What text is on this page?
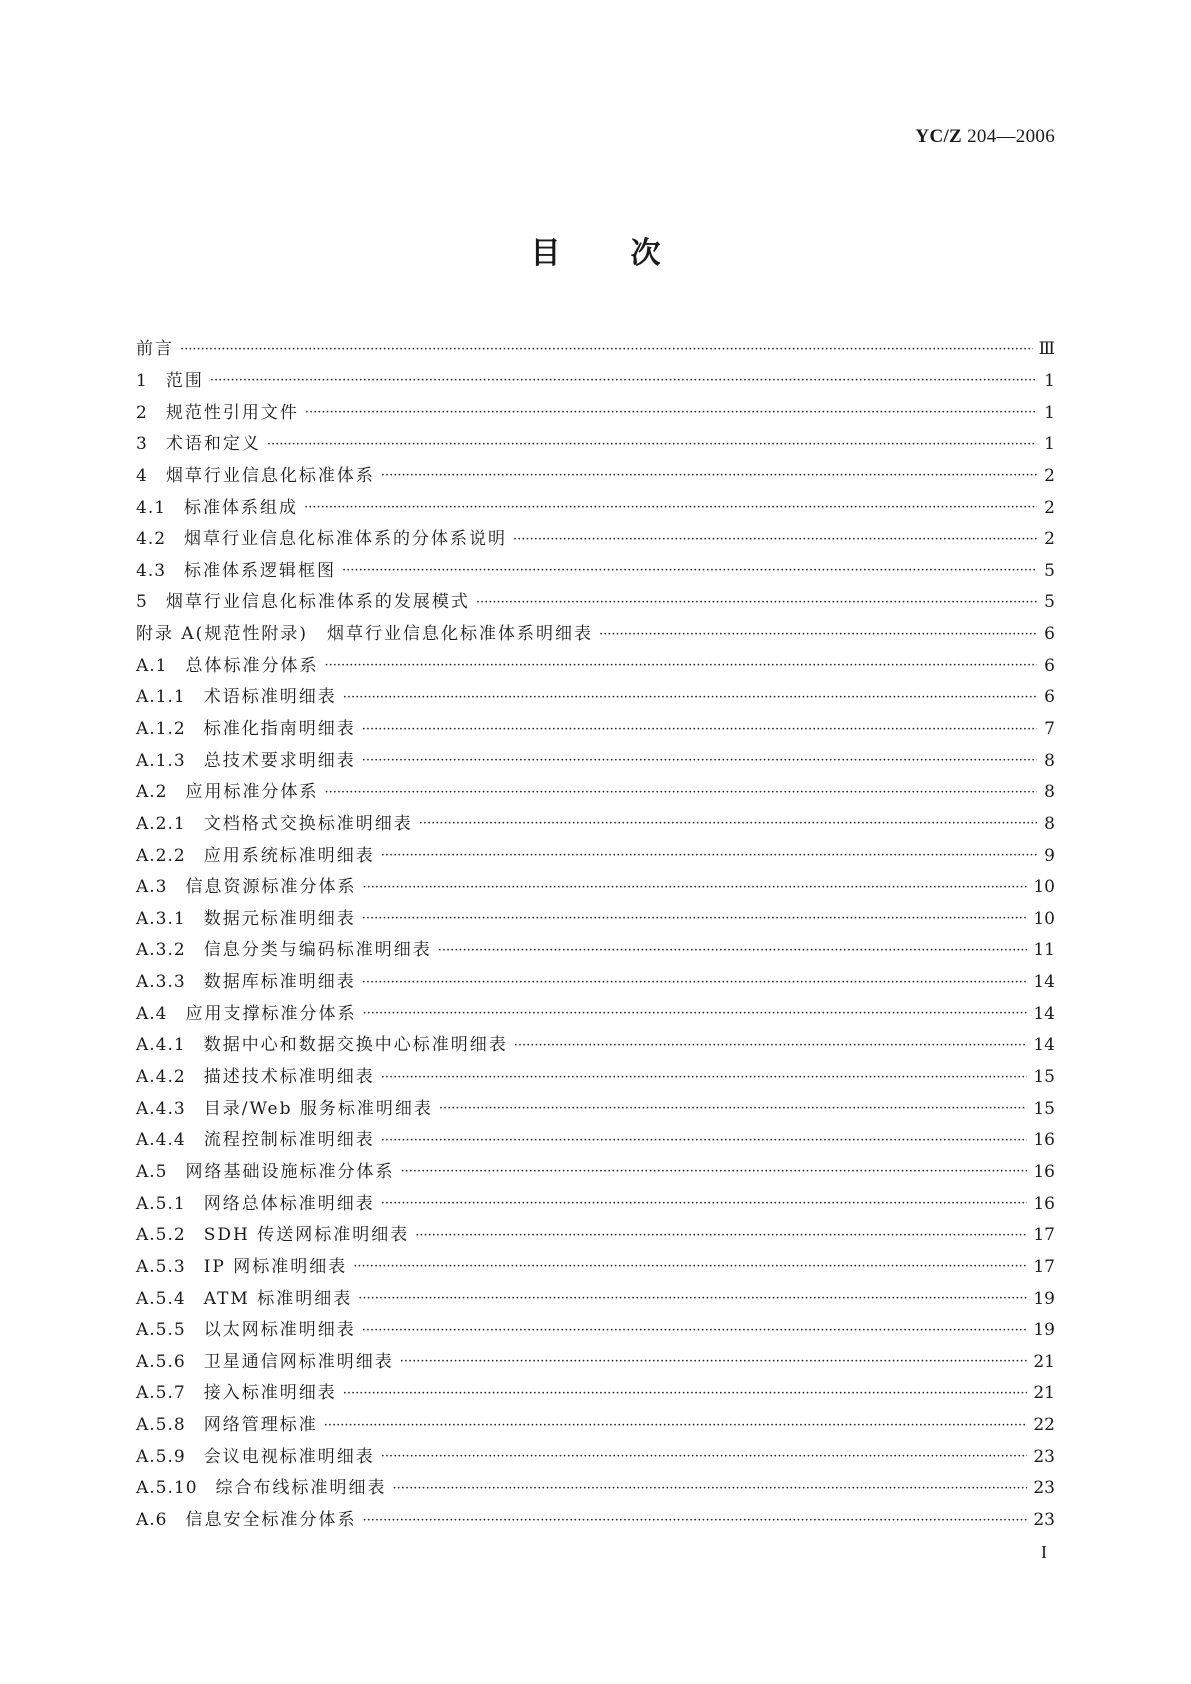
YC/Z 204—2006
目次
前言 ·····	Ⅲ
1 范围 ·····	1
2 规范性引用文件 ·····	1
3 术语和定义 ·····	1
4 烟草行业信息化标准体系 ·····	2
4.1 标准体系组成 ·····	2
4.2 烟草行业信息化标准体系的分体系说明 ·····	2
4.3 标准体系逻辑框图 ·····	5
5 烟草行业信息化标准体系的发展模式 ·····	5
附录 A(规范性附录)　烟草行业信息化标准体系明细表 ·····	6
A.1 总体标准分体系 ·····	6
A.1.1 术语标准明细表 ·····	6
A.1.2 标准化指南明细表 ·····	7
A.1.3 总技术要求明细表 ·····	8
A.2 应用标准分体系 ·····	8
A.2.1 文档格式交换标准明细表 ·····	8
A.2.2 应用系统标准明细表 ·····	9
A.3 信息资源标准分体系 ·····	10
A.3.1 数据元标准明细表 ·····	10
A.3.2 信息分类与编码标准明细表 ·····	11
A.3.3 数据库标准明细表 ·····	14
A.4 应用支撑标准分体系 ·····	14
A.4.1 数据中心和数据交换中心标准明细表 ·····	14
A.4.2 描述技术标准明细表 ·····	15
A.4.3 目录/Web 服务标准明细表 ·····	15
A.4.4 流程控制标准明细表 ·····	16
A.5 网络基础设施标准分体系 ·····	16
A.5.1 网络总体标准明细表 ·····	16
A.5.2 SDH 传送网标准明细表 ·····	17
A.5.3 IP 网标准明细表 ·····	17
A.5.4 ATM 标准明细表 ·····	19
A.5.5 以太网标准明细表 ·····	19
A.5.6 卫星通信网标准明细表 ·····	21
A.5.7 接入标准明细表 ·····	21
A.5.8 网络管理标准 ·····	22
A.5.9 会议电视标准明细表 ·····	23
A.5.10 综合布线标准明细表 ·····	23
A.6 信息安全标准分体系 ·····	23
I
